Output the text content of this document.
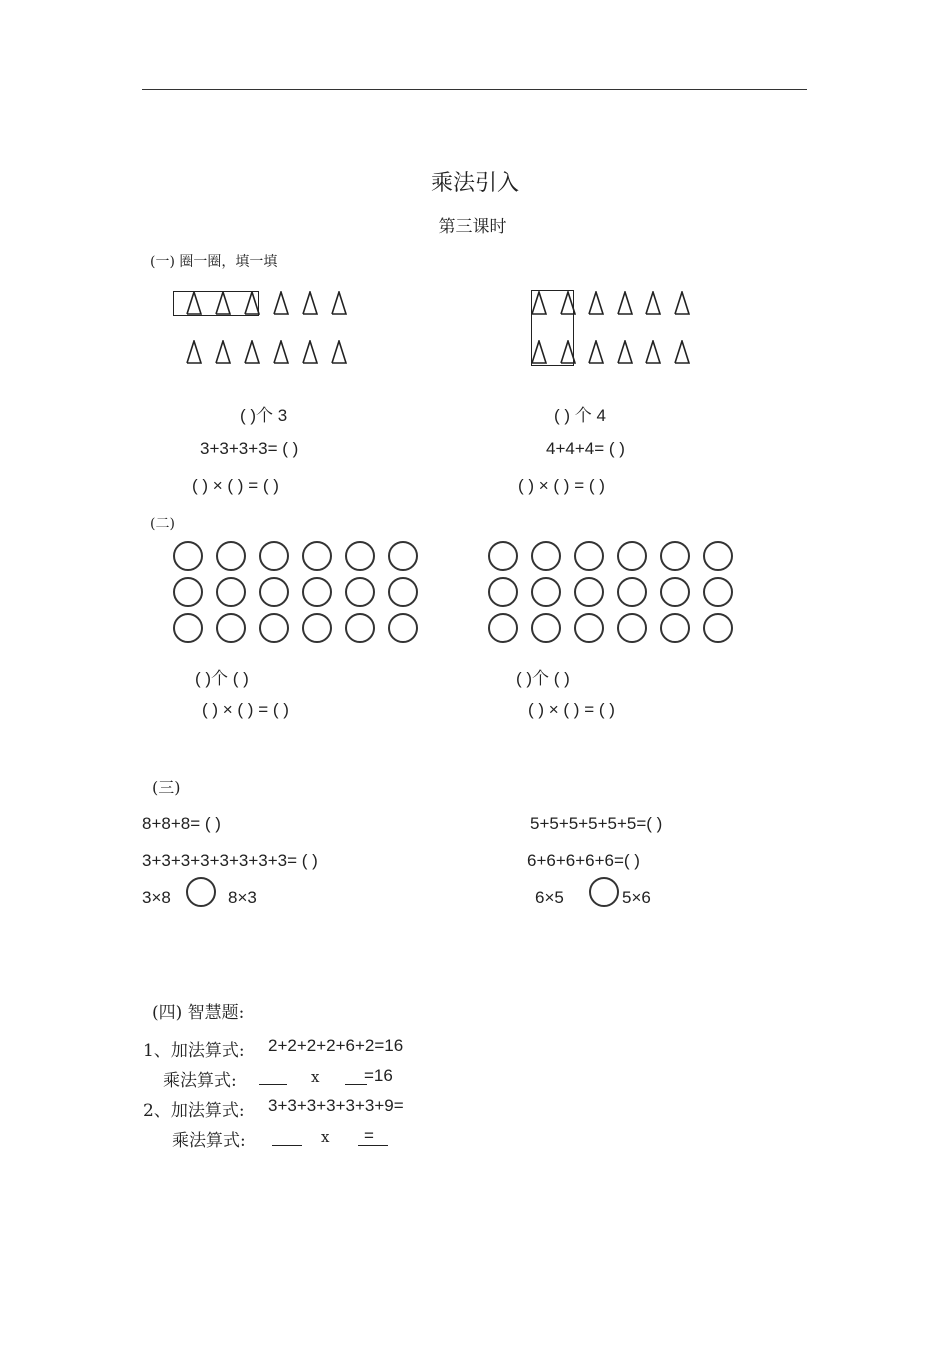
乘法引入
第三课时
(一) 圈一圈，填一填
( )个 3
3+3+3+3= ( )
( ) × ( ) = ( )
( ) 个 4
4+4+4= ( )
( ) × ( ) = ( )
(二)
( )个 ( )
( ) × ( ) = ( )
( )个 ( )
( ) × ( ) = ( )
(三)
8+8+8= ( )
3+3+3+3+3+3+3+3= ( )
3×8	8×3
5+5+5+5+5+5=( )
6+6+6+6+6=( )
6×5	5×6
(四) 智慧题:
1、加法算式: 2+2+2+2+6+2=16
乘法算式:	x	=16
2、加法算式: 3+3+3+3+3+3+9=
乘法算式:	x =
